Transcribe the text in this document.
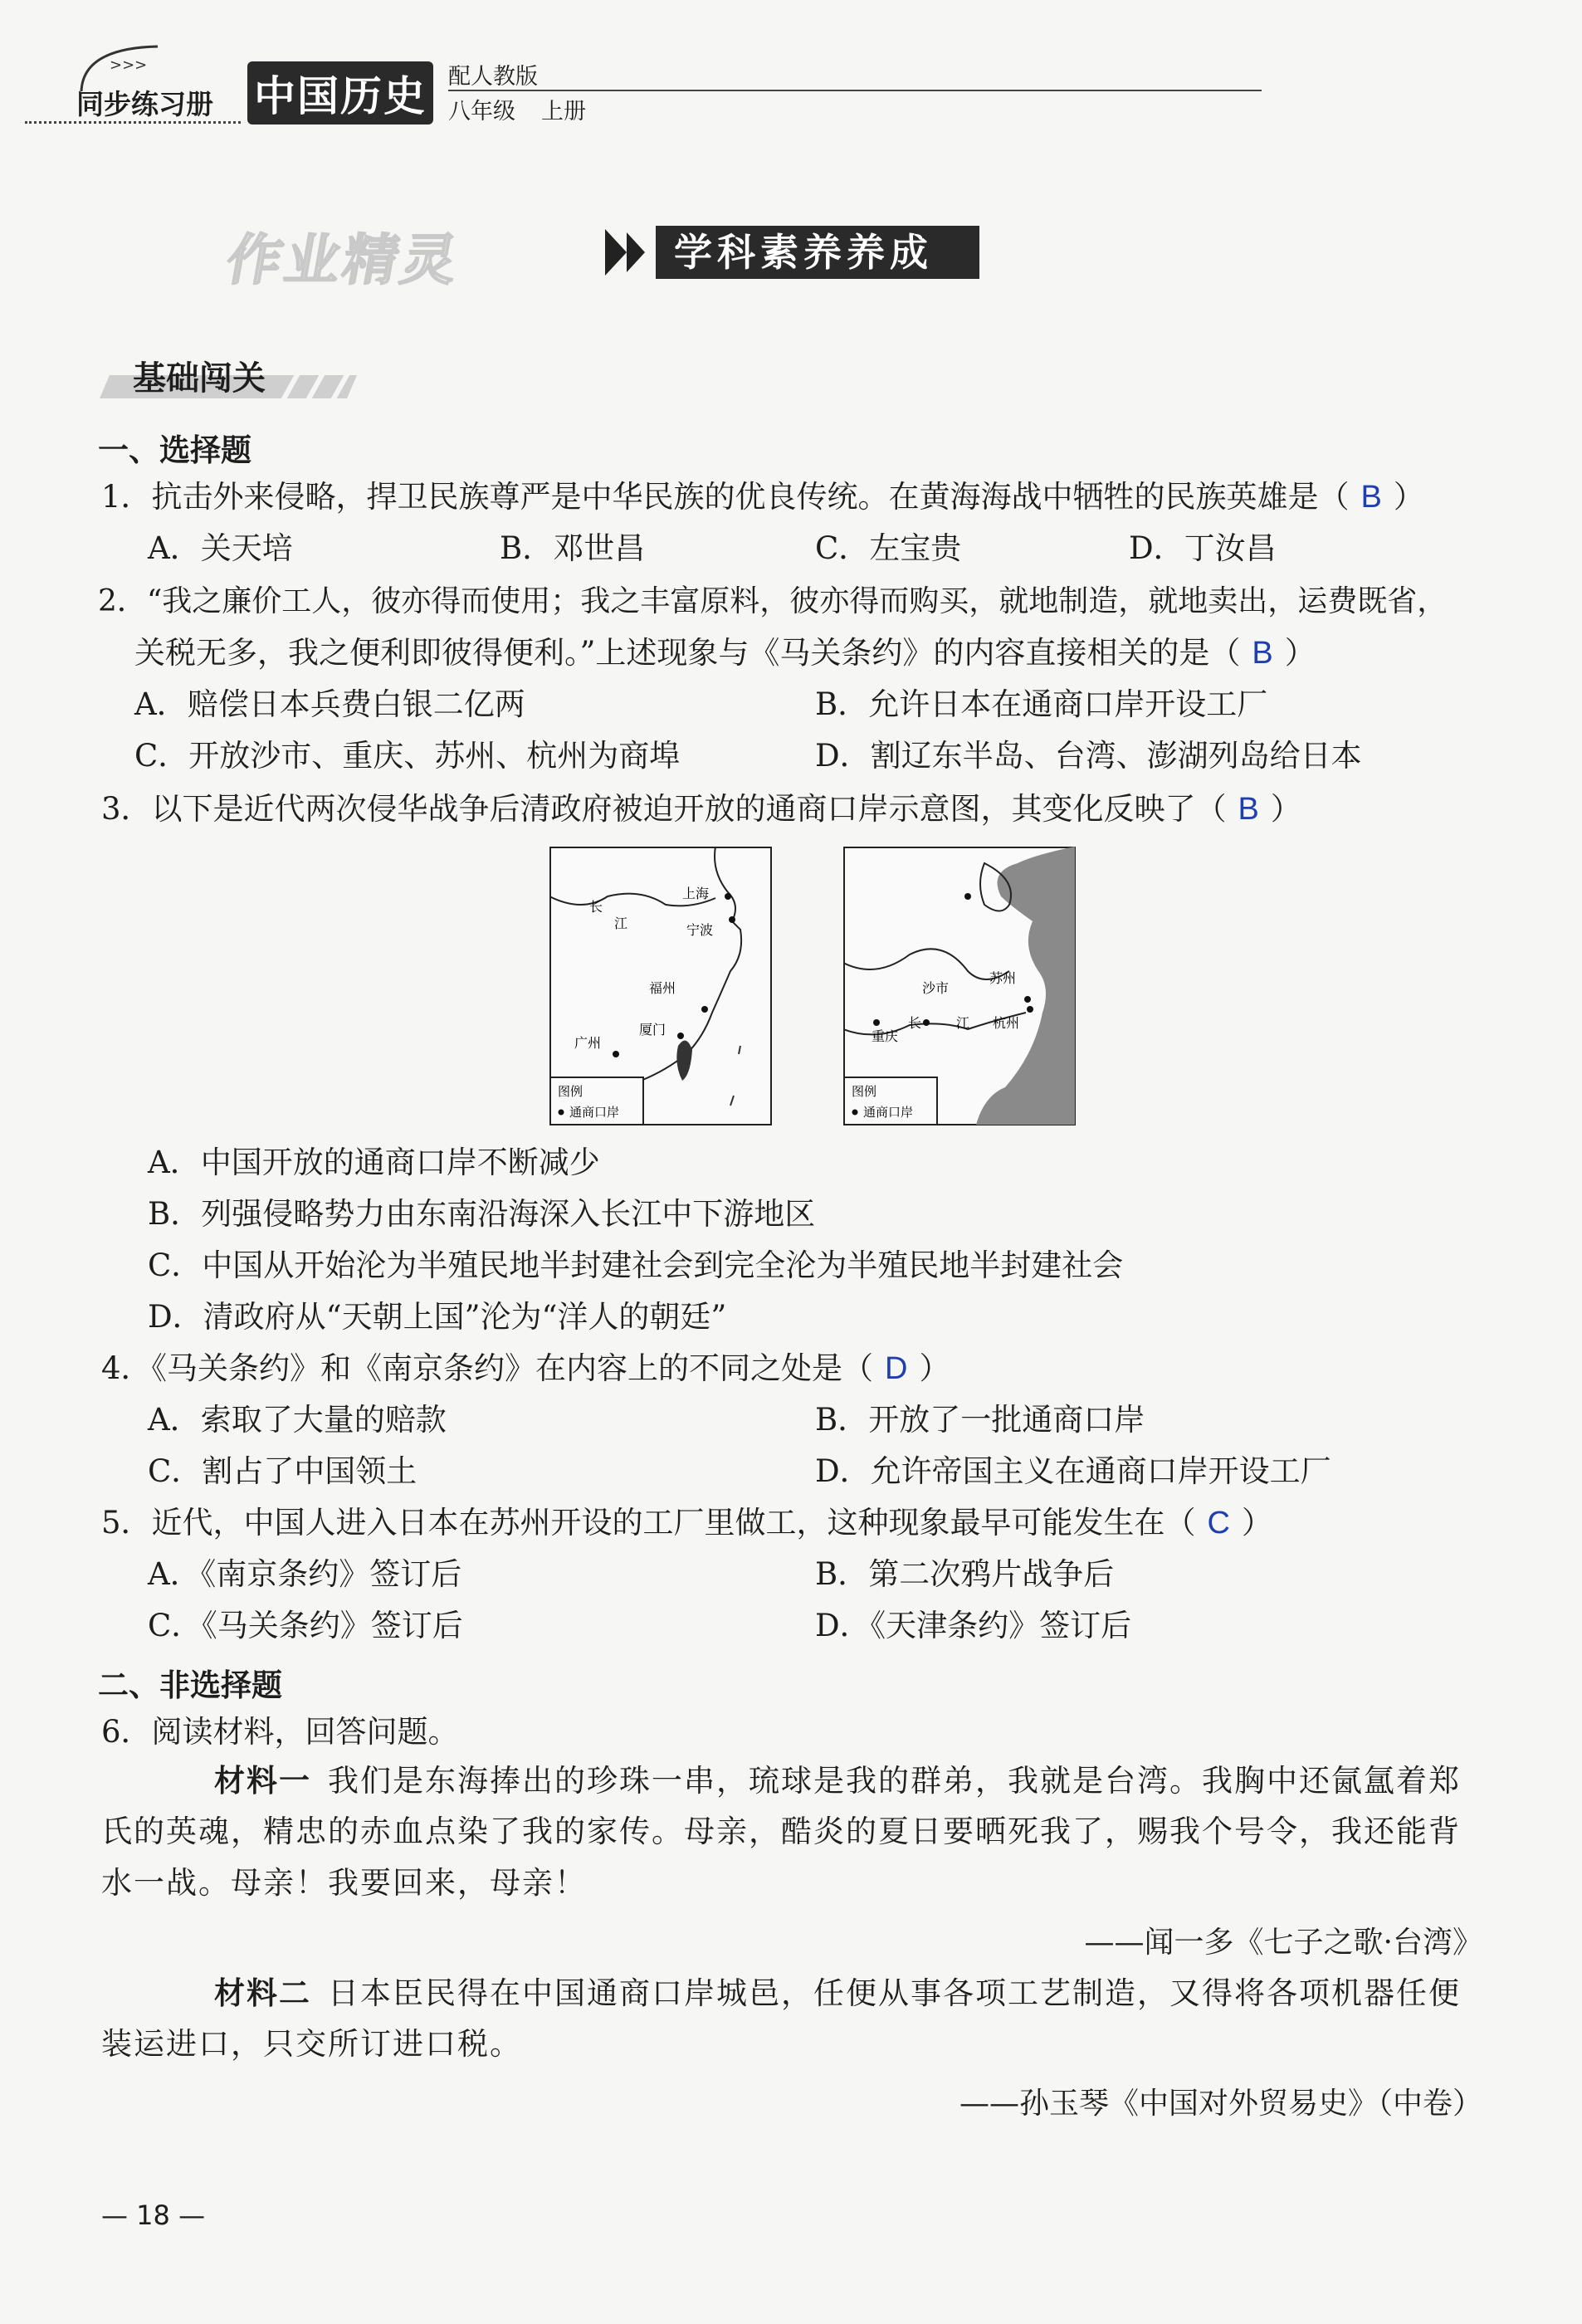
>>>
同步练习册 中国历史 配人教版
八年级 上册
作业精灵	学科素养养成
基础闯关
一、选择题
1．抗击外来侵略，捍卫民族尊严是中华民族的优良传统。在黄海海战中牺牲的民族英雄是（ B ）
A．关天培	B．邓世昌	C．左宝贵	D．丁汝昌
2．“我之廉价工人，彼亦得而使用；我之丰富原料，彼亦得而购买，就地制造，就地卖出，运费既省，
关税无多，我之便利即彼得便利。”上述现象与《马关条约》的内容直接相关的是（ B ）
A．赔偿日本兵费白银二亿两	B．允许日本在通商口岸开设工厂
C．开放沙市、重庆、苏州、杭州为商埠	D．割辽东半岛、台湾、澎湖列岛给日本
3．以下是近代两次侵华战争后清政府被迫开放的通商口岸示意图，其变化反映了（ B ）
长
江
上海
宁波
福州
厦门
广州
图例
通商口岸
沙市
苏州
长	江 杭州
重庆
图例
通商口岸
A．中国开放的通商口岸不断减少
B．列强侵略势力由东南沿海深入长江中下游地区
C．中国从开始沦为半殖民地半封建社会到完全沦为半殖民地半封建社会
D．清政府从“天朝上国”沦为“洋人的朝廷”
4．《马关条约》和《南京条约》在内容上的不同之处是（ D ）
A．索取了大量的赔款	B．开放了一批通商口岸
C．割占了中国领土	D．允许帝国主义在通商口岸开设工厂
5．近代，中国人进入日本在苏州开设的工厂里做工，这种现象最早可能发生在（ C ）
A．《南京条约》签订后	B．第二次鸦片战争后
C．《马关条约》签订后	D．《天津条约》签订后
二、非选择题
6．阅读材料，回答问题。
材料一 我们是东海捧出的珍珠一串，琉球是我的群弟，我就是台湾。我胸中还氤氲着郑
氏的英魂，精忠的赤血点染了我的家传。母亲，酷炎的夏日要晒死我了，赐我个号令，我还能背
水一战。母亲！我要回来，母亲！
——闻一多《七子之歌·台湾》
材料二 日本臣民得在中国通商口岸城邑，任便从事各项工艺制造，又得将各项机器任便
装运进口，只交所订进口税。
——孙玉琴《中国对外贸易史》（中卷）
— 18 —
